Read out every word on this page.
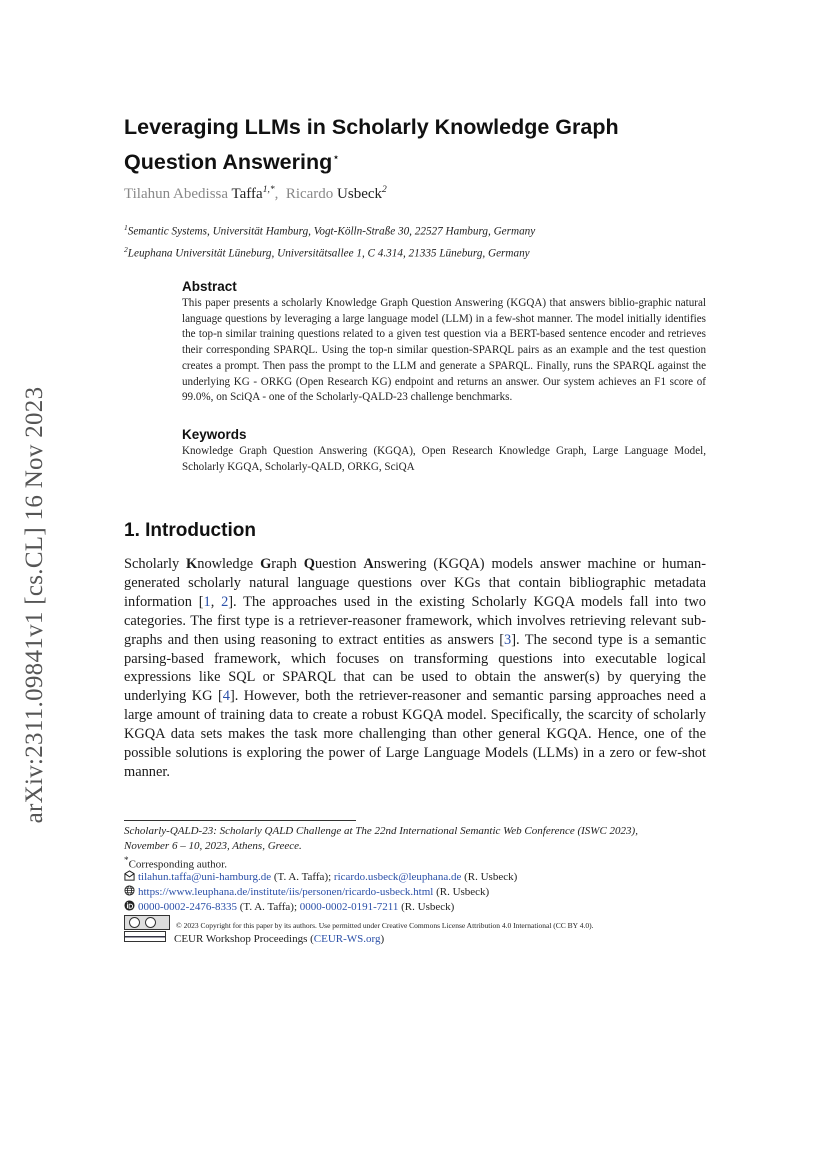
arXiv:2311.09841v1 [cs.CL] 16 Nov 2023
Leveraging LLMs in Scholarly Knowledge Graph
Question Answering⋆
Tilahun Abedissa Taffa$^{1,*}$,  Ricardo Usbeck$^2$
$^1$Semantic Systems, Universität Hamburg, Vogt-Kölln-Straße 30, 22527 Hamburg, Germany
$^2$Leuphana Universität Lüneburg, Universitätsallee 1, C 4.314, 21335 Lüneburg, Germany
Abstract

This paper presents a scholarly Knowledge Graph Question Answering (KGQA) that answers biblio-graphic natural language questions by leveraging a large language model (LLM) in a few-shot manner. The model initially identifies the top-n similar training questions related to a given test question via a BERT-based sentence encoder and retrieves their corresponding SPARQL. Using the top-n similar question-SPARQL pairs as an example and the test question creates a prompt. Then pass the prompt to the LLM and generate a SPARQL. Finally, runs the SPARQL against the underlying KG - ORKG (Open Research KG) endpoint and returns an answer. Our system achieves an F1 score of 99.0%, on SciQA - one of the Scholarly-QALD-23 challenge benchmarks.

Keywords

Knowledge Graph Question Answering (KGQA), Open Research Knowledge Graph, Large Language Model, Scholarly KGQA, Scholarly-QALD, ORKG, SciQA

1. Introduction

Scholarly Knowledge Graph Question Answering (KGQA) models answer machine or human-generated scholarly natural language questions over KGs that contain bibliographic metadata information [1, 2]. The approaches used in the existing Scholarly KGQA models fall into two categories. The first type is a retriever-reasoner framework, which involves retrieving relevant sub-graphs and then using reasoning to extract entities as answers [3]. The second type is a semantic parsing-based framework, which focuses on transforming questions into executable logical expressions like SQL or SPARQL that can be used to obtain the answer(s) by querying the underlying KG [4]. However, both the retriever-reasoner and semantic parsing approaches need a large amount of training data to create a robust KGQA model. Specifically, the scarcity of scholarly KGQA data sets makes the task more challenging than other general KGQA. Hence, one of the possible solutions is exploring the power of Large Language Models (LLMs) in a zero or few-shot manner.

Scholarly-QALD-23: Scholarly QALD Challenge at The 22nd International Semantic Web Conference (ISWC 2023),
November 6 – 10, 2023, Athens, Greece.
*Corresponding author.
tilahun.taffa@uni-hamburg.de (T. A. Taffa); ricardo.usbeck@leuphana.de (R. Usbeck)
https://www.leuphana.de/institute/iis/personen/ricardo-usbeck.html (R. Usbeck)
0000-0002-2476-8335 (T. A. Taffa); 0000-0002-0191-7211 (R. Usbeck)
© 2023 Copyright for this paper by its authors. Use permitted under Creative Commons License Attribution 4.0 International (CC BY 4.0).
CEUR Workshop Proceedings (CEUR-WS.org)
